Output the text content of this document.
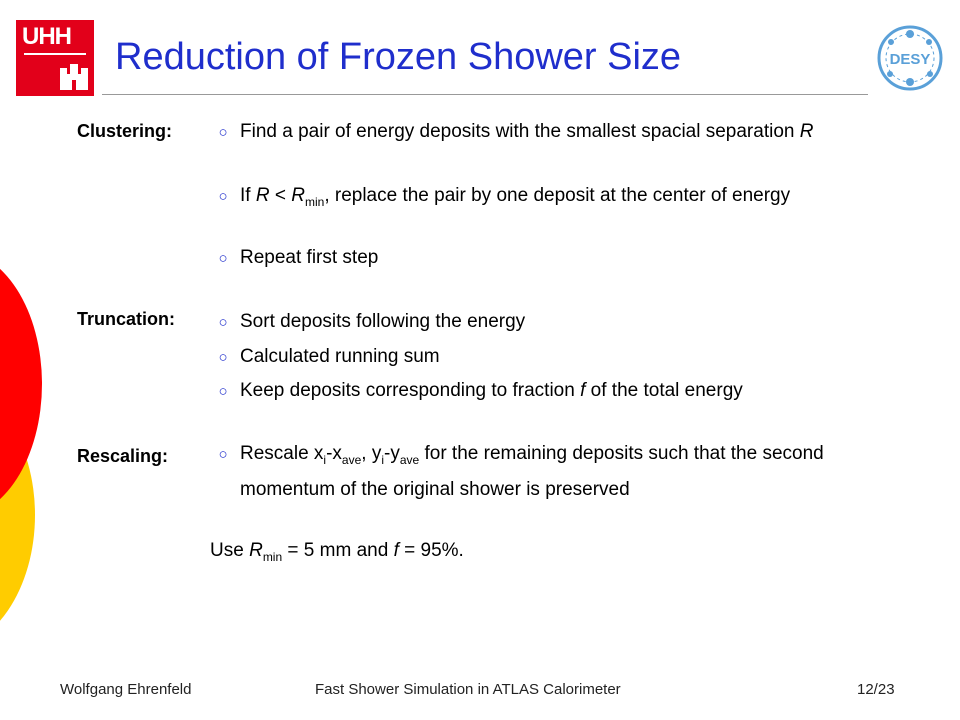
UHH Reduction of Frozen Shower Size	DESY
Clustering:
Truncation:
Rescaling:
○ Find a pair of energy deposits with the smallest spacial separation R
○ If $R < R_{min}$, replace the pair by one deposit at the center of energy
○ Repeat first step
○ Sort deposits following the energy
○ Calculated running sum
○ Keep deposits corresponding to fraction f of the total energy
○ Rescale $x_i-x_{ave}$, $y_i-y_{ave}$ for the remaining deposits such that the second momentum of the original shower is preserved
Use $R_{min} = 5$ mm and f = 95%.
Wolfgang Ehrenfeld	Fast Shower Simulation in ATLAS Calorimeter	12/23
